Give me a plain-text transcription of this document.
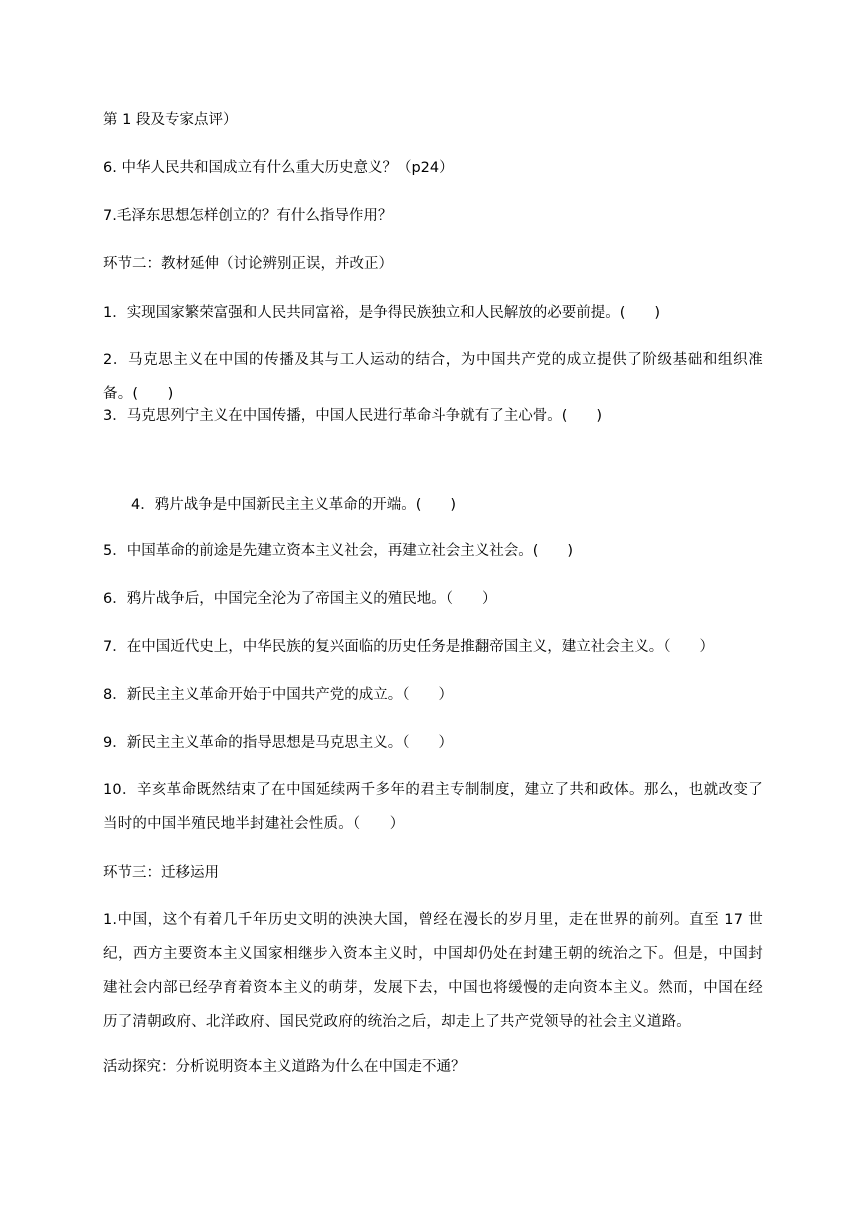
第 1 段及专家点评）
6. 中华人民共和国成立有什么重大历史意义？（p24）
7.毛泽东思想怎样创立的？有什么指导作用？
环节二：教材延伸（讨论辨别正误，并改正）
1．实现国家繁荣富强和人民共同富裕，是争得民族独立和人民解放的必要前提。(　　)
2．马克思主义在中国的传播及其与工人运动的结合，为中国共产党的成立提供了阶级基础和组织准备。(　　)
3．马克思列宁主义在中国传播，中国人民进行革命斗争就有了主心骨。(　　)
4．鸦片战争是中国新民主主义革命的开端。(　　)
5．中国革命的前途是先建立资本主义社会，再建立社会主义社会。(　　)
6．鸦片战争后，中国完全沦为了帝国主义的殖民地。（　　）
7．在中国近代史上，中华民族的复兴面临的历史任务是推翻帝国主义，建立社会主义。（　　）
8．新民主主义革命开始于中国共产党的成立。（　　）
9．新民主主义革命的指导思想是马克思主义。（　　）
10．辛亥革命既然结束了在中国延续两千多年的君主专制制度，建立了共和政体。那么，也就改变了当时的中国半殖民地半封建社会性质。（　　）
环节三：迁移运用
1.中国，这个有着几千年历史文明的泱泱大国，曾经在漫长的岁月里，走在世界的前列。直至 17 世纪，西方主要资本主义国家相继步入资本主义时，中国却仍处在封建王朝的统治之下。但是，中国封建社会内部已经孕育着资本主义的萌芽，发展下去，中国也将缓慢的走向资本主义。然而，中国在经历了清朝政府、北洋政府、国民党政府的统治之后，却走上了共产党领导的社会主义道路。
活动探究：分析说明资本主义道路为什么在中国走不通？
